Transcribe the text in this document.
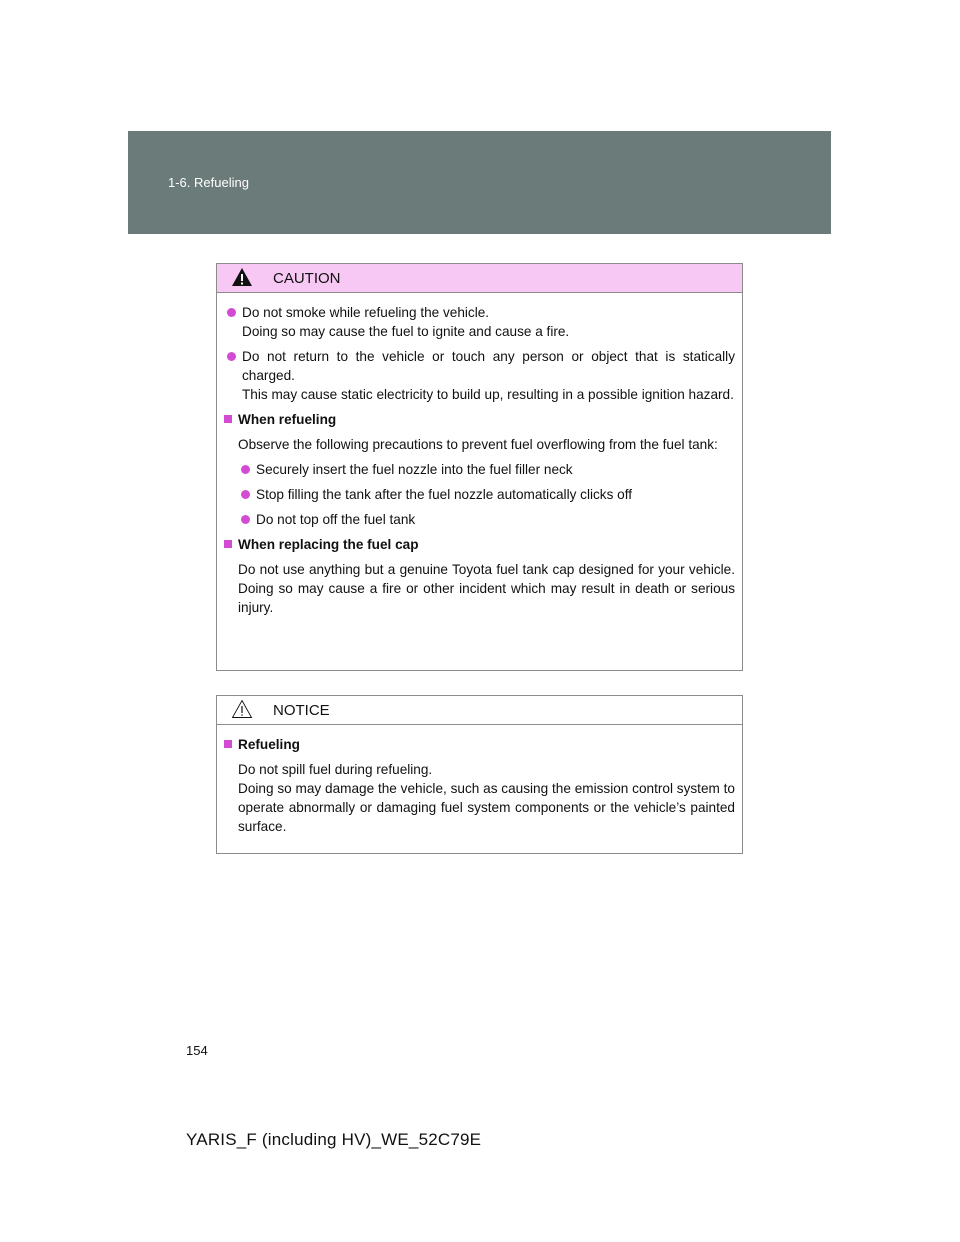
1-6. Refueling
CAUTION
Do not smoke while refueling the vehicle.
Doing so may cause the fuel to ignite and cause a fire.
Do not return to the vehicle or touch any person or object that is statically charged.
This may cause static electricity to build up, resulting in a possible ignition hazard.
When refueling
Observe the following precautions to prevent fuel overflowing from the fuel tank:
Securely insert the fuel nozzle into the fuel filler neck
Stop filling the tank after the fuel nozzle automatically clicks off
Do not top off the fuel tank
When replacing the fuel cap
Do not use anything but a genuine Toyota fuel tank cap designed for your vehicle. Doing so may cause a fire or other incident which may result in death or serious injury.
NOTICE
Refueling
Do not spill fuel during refueling.
Doing so may damage the vehicle, such as causing the emission control system to operate abnormally or damaging fuel system components or the vehicle’s painted surface.
154
YARIS_F (including HV)_WE_52C79E
